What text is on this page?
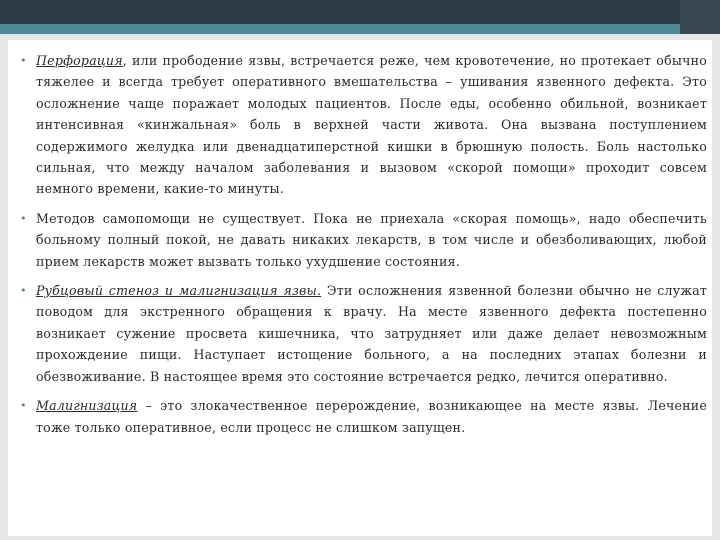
• Перфорация, или прободение язвы, встречается реже, чем кровотечение, но протекает обычно тяжелее и всегда требует оперативного вмешательства – ушивания язвенного дефекта. Это осложнение чаще поражает молодых пациентов. После еды, особенно обильной, возникает интенсивная «кинжальная» боль в верхней части живота. Она вызвана поступлением содержимого желудка или двенадцатиперстной кишки в брюшную полость. Боль настолько сильная, что между началом заболевания и вызовом «скорой помощи» проходит совсем немного времени, какие-то минуты.

• Методов самопомощи не существует. Пока не приехала «скорая помощь», надо обеспечить больному полный покой, не давать никаких лекарств, в том числе и обезболивающих, любой прием лекарств может вызвать только ухудшение состояния.

• Рубцовый стеноз и малигнизация язвы. Эти осложнения язвенной болезни обычно не служат поводом для экстренного обращения к врачу. На месте язвенного дефекта постепенно возникает сужение просвета кишечника, что затрудняет или даже делает невозможным прохождение пищи. Наступает истощение больного, а на последних этапах болезни и обезвоживание. В настоящее время это состояние встречается редко, лечится оперативно.

• Малигнизация – это злокачественное перерождение, возникающее на месте язвы. Лечение тоже только оперативное, если процесс не слишком запущен.
